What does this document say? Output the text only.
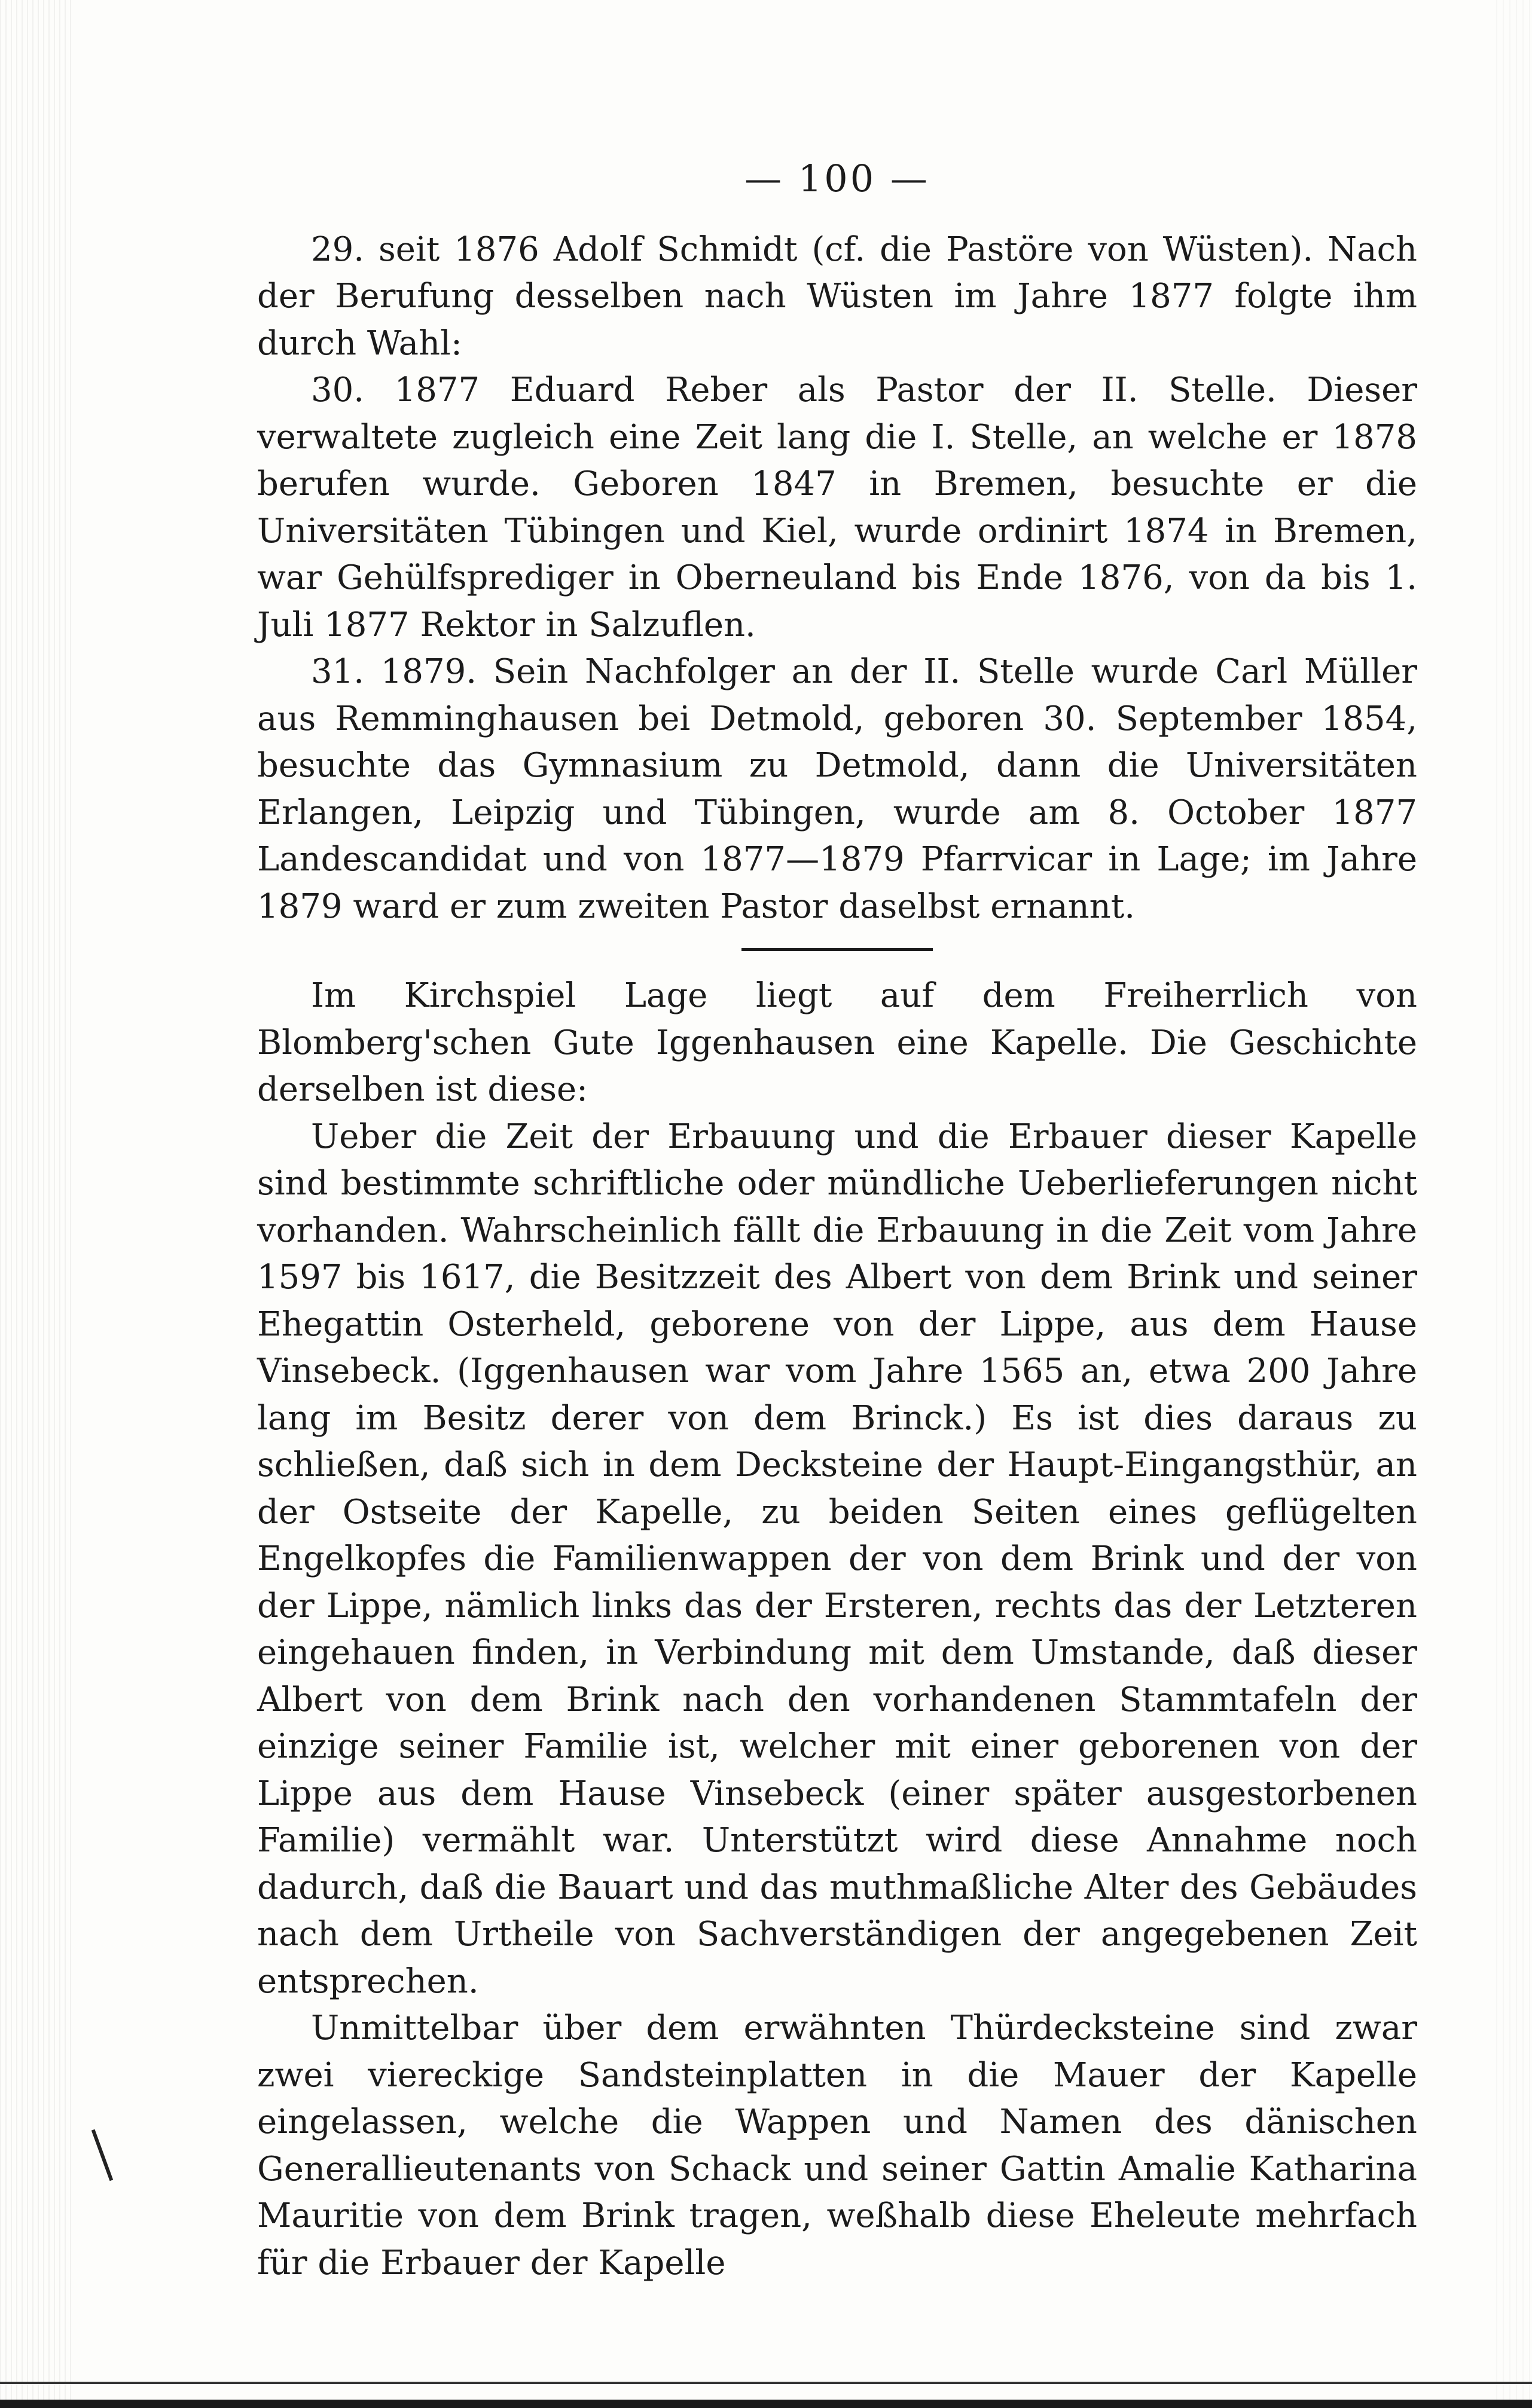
— 100 —

29. seit 1876 Adolf Schmidt (cf. die Pastöre von Wüsten). Nach der Berufung desselben nach Wüsten im Jahre 1877 folgte ihm durch Wahl:

30. 1877 Eduard Reber als Pastor der II. Stelle. Dieser verwaltete zugleich eine Zeit lang die I. Stelle, an welche er 1878 berufen wurde. Geboren 1847 in Bremen, besuchte er die Universitäten Tübingen und Kiel, wurde ordinirt 1874 in Bremen, war Gehülfsprediger in Oberneuland bis Ende 1876, von da bis 1. Juli 1877 Rektor in Salzuflen.

31. 1879. Sein Nachfolger an der II. Stelle wurde Carl Müller aus Remminghausen bei Detmold, geboren 30. September 1854, besuchte das Gymnasium zu Detmold, dann die Universitäten Erlangen, Leipzig und Tübingen, wurde am 8. October 1877 Landescandidat und von 1877—1879 Pfarrvicar in Lage; im Jahre 1879 ward er zum zweiten Pastor daselbst ernannt.

Im Kirchspiel Lage liegt auf dem Freiherrlich von Blomberg'schen Gute Iggenhausen eine Kapelle. Die Geschichte derselben ist diese:

Ueber die Zeit der Erbauung und die Erbauer dieser Kapelle sind bestimmte schriftliche oder mündliche Ueberlieferungen nicht vorhanden. Wahrscheinlich fällt die Erbauung in die Zeit vom Jahre 1597 bis 1617, die Besitzzeit des Albert von dem Brink und seiner Ehegattin Osterheld, geborene von der Lippe, aus dem Hause Vinsebeck. (Iggenhausen war vom Jahre 1565 an, etwa 200 Jahre lang im Besitz derer von dem Brinck.) Es ist dies daraus zu schließen, daß sich in dem Decksteine der Haupt-Eingangsthür, an der Ostseite der Kapelle, zu beiden Seiten eines geflügelten Engelkopfes die Familienwappen der von dem Brink und der von der Lippe, nämlich links das der Ersteren, rechts das der Letzteren eingehauen finden, in Verbindung mit dem Umstande, daß dieser Albert von dem Brink nach den vorhandenen Stammtafeln der einzige seiner Familie ist, welcher mit einer geborenen von der Lippe aus dem Hause Vinsebeck (einer später ausgestorbenen Familie) vermählt war. Unterstützt wird diese Annahme noch dadurch, daß die Bauart und das muthmaßliche Alter des Gebäudes nach dem Urtheile von Sachverständigen der angegebenen Zeit entsprechen.

Unmittelbar über dem erwähnten Thürdecksteine sind zwar zwei viereckige Sandsteinplatten in die Mauer der Kapelle eingelassen, welche die Wappen und Namen des dänischen Generallieutenants von Schack und seiner Gattin Amalie Katharina Mauritie von dem Brink tragen, weßhalb diese Eheleute mehrfach für die Erbauer der Kapelle
